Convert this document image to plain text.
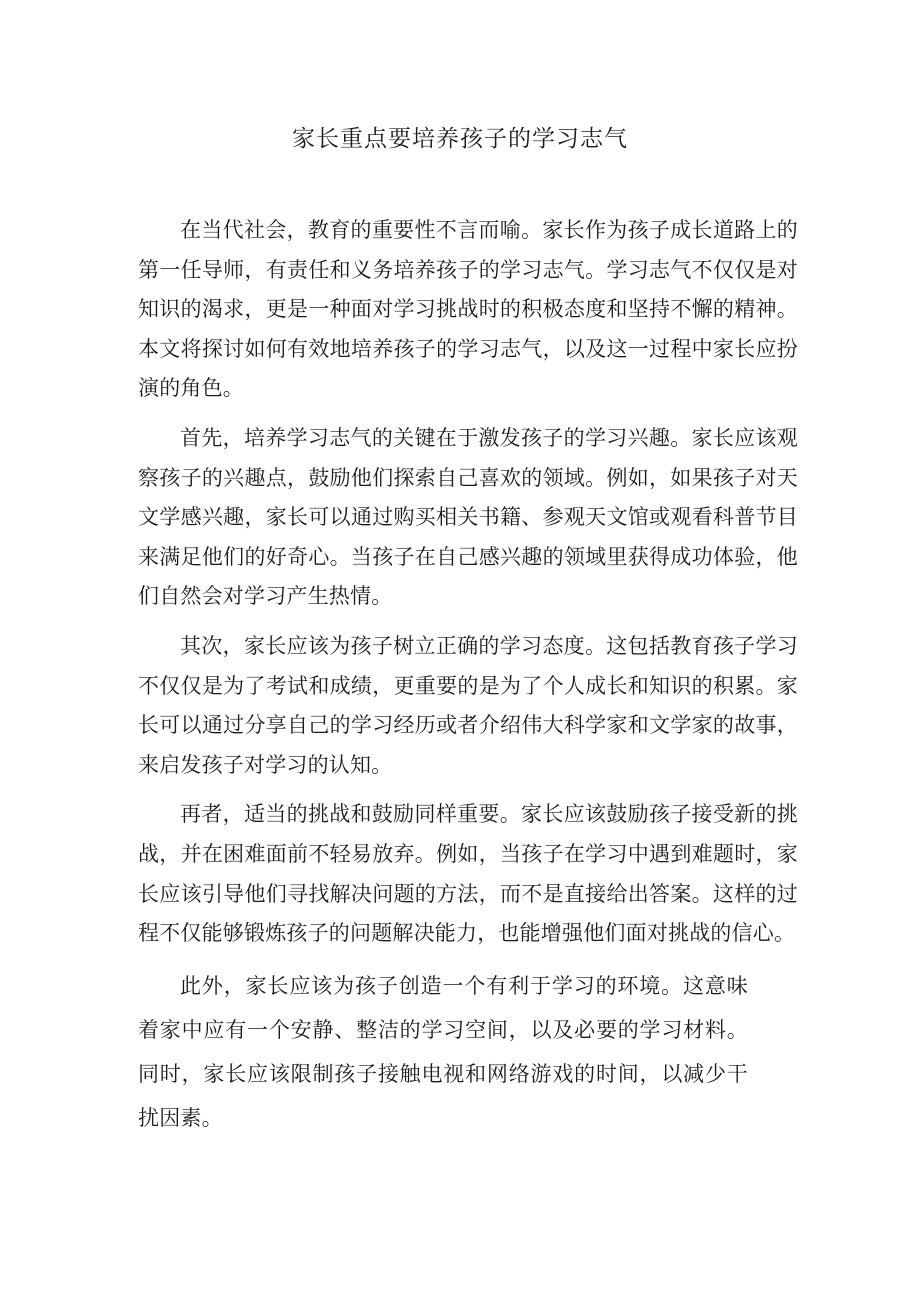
家长重点要培养孩子的学习志气

在当代社会，教育的重要性不言而喻。家长作为孩子成长道路上的第一任导师，有责任和义务培养孩子的学习志气。学习志气不仅仅是对知识的渴求，更是一种面对学习挑战时的积极态度和坚持不懈的精神。本文将探讨如何有效地培养孩子的学习志气，以及这一过程中家长应扮演的角色。

首先，培养学习志气的关键在于激发孩子的学习兴趣。家长应该观察孩子的兴趣点，鼓励他们探索自己喜欢的领域。例如，如果孩子对天文学感兴趣，家长可以通过购买相关书籍、参观天文馆或观看科普节目来满足他们的好奇心。当孩子在自己感兴趣的领域里获得成功体验，他们自然会对学习产生热情。

其次，家长应该为孩子树立正确的学习态度。这包括教育孩子学习不仅仅是为了考试和成绩，更重要的是为了个人成长和知识的积累。家长可以通过分享自己的学习经历或者介绍伟大科学家和文学家的故事，来启发孩子对学习的认知。

再者，适当的挑战和鼓励同样重要。家长应该鼓励孩子接受新的挑战，并在困难面前不轻易放弃。例如，当孩子在学习中遇到难题时，家长应该引导他们寻找解决问题的方法，而不是直接给出答案。这样的过程不仅能够锻炼孩子的问题解决能力，也能增强他们面对挑战的信心。

此外，家长应该为孩子创造一个有利于学习的环境。这意味着家中应有一个安静、整洁的学习空间，以及必要的学习材料。同时，家长应该限制孩子接触电视和网络游戏的时间，以减少干扰因素。
